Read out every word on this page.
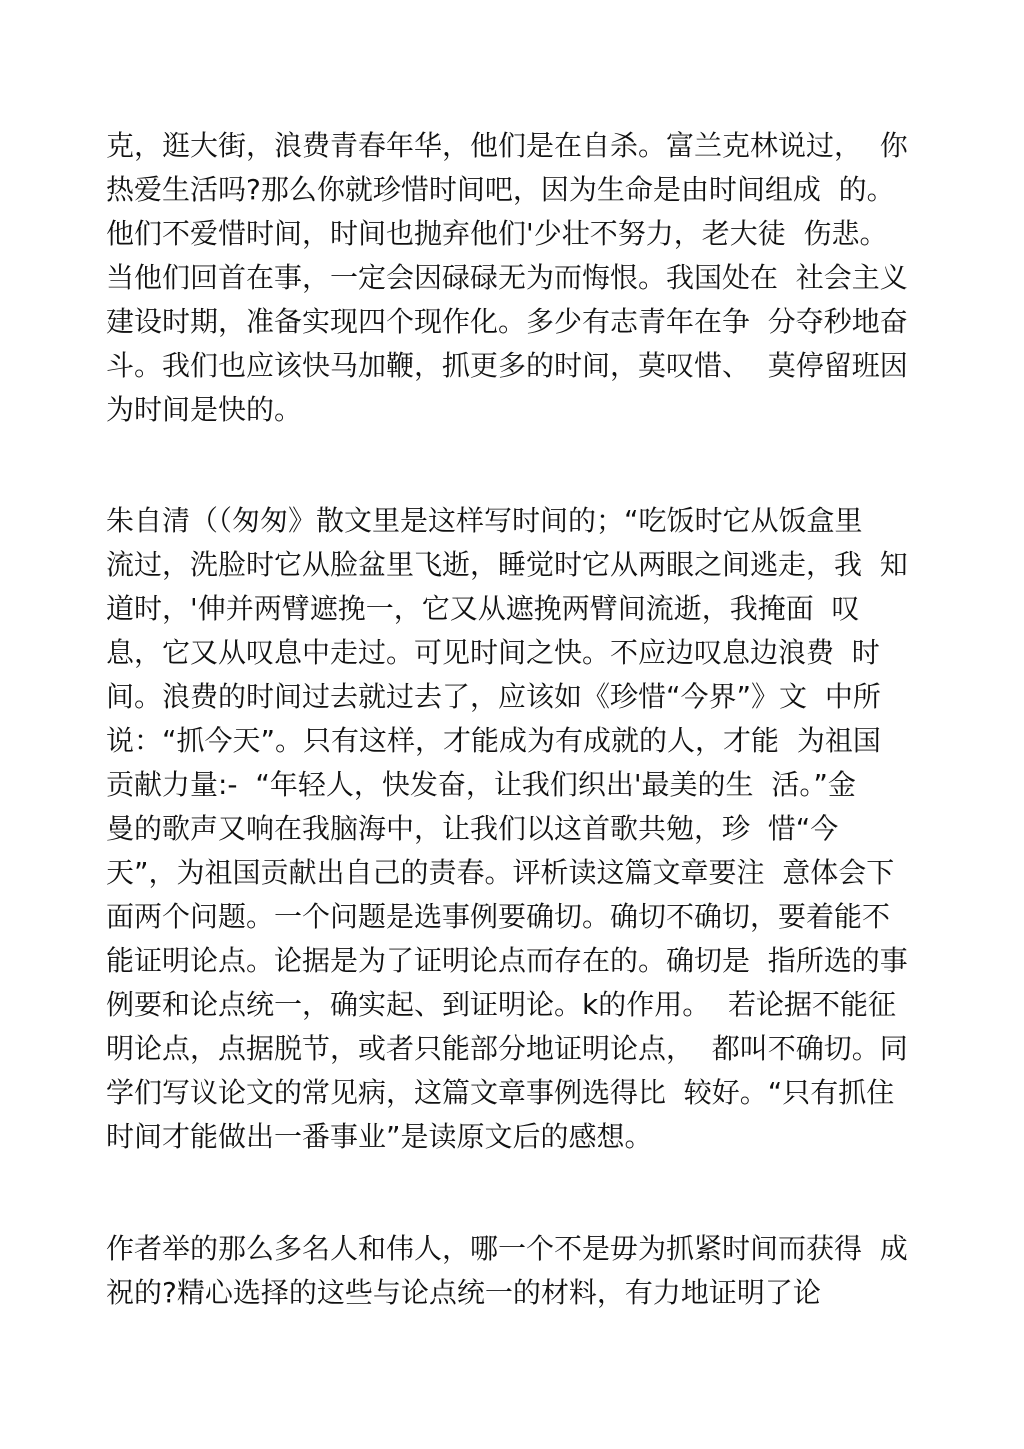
克，逛大街，浪费青春年华，他们是在自杀。富兰克林说过，  你
热爱生活吗?那么你就珍惜时间吧，因为生命是由时间组成  的。
他们不爱惜时间，时间也抛弃他们'少壮不努力，老大徒  伤悲。
当他们回首在事，一定会因碌碌无为而悔恨。我国处在  社会主义
建设时期，准备实现四个现作化。多少有志青年在争  分夺秒地奋
斗。我们也应该快马加鞭，抓更多的时间，莫叹惜、  莫停留班因
为时间是快的。
朱自清（（匆匆》散文里是这样写时间的；“吃饭时它从饭盒里
流过，洗脸时它从脸盆里飞逝，睡觉时它从两眼之间逃走，我  知
道时，'伸并两臂遮挽一，它又从遮挽两臂间流逝，我掩面  叹
息，它又从叹息中走过。可见时间之快。不应边叹息边浪费  时
间。浪费的时间过去就过去了，应该如《珍惜“今界”》文  中所
说：“抓今天”。只有这样，才能成为有成就的人，才能  为祖国
贡献力量:-  “年轻人，快发奋，让我们织出'最美的生  活。”金
曼的歌声又响在我脑海中，让我们以这首歌共勉，珍  惜“今
天”，为祖国贡献出自己的责春。评析读这篇文章要注  意体会下
面两个问题。一个问题是选事例要确切。确切不确切，要着能不
能证明论点。论据是为了证明论点而存在的。确切是  指所选的事
例要和论点统一，确实起、到证明论。k的作用。  若论据不能征
明论点，点据脱节，或者只能部分地证明论点，  都叫不确切。同
学们写议论文的常见病，这篇文章事例选得比  较好。“只有抓住
时间才能做出一番事业”是读原文后的感想。
作者举的那么多名人和伟人，哪一个不是毋为抓紧时间而获得  成
祝的?精心选择的这些与论点统一的材料，有力地证明了论
